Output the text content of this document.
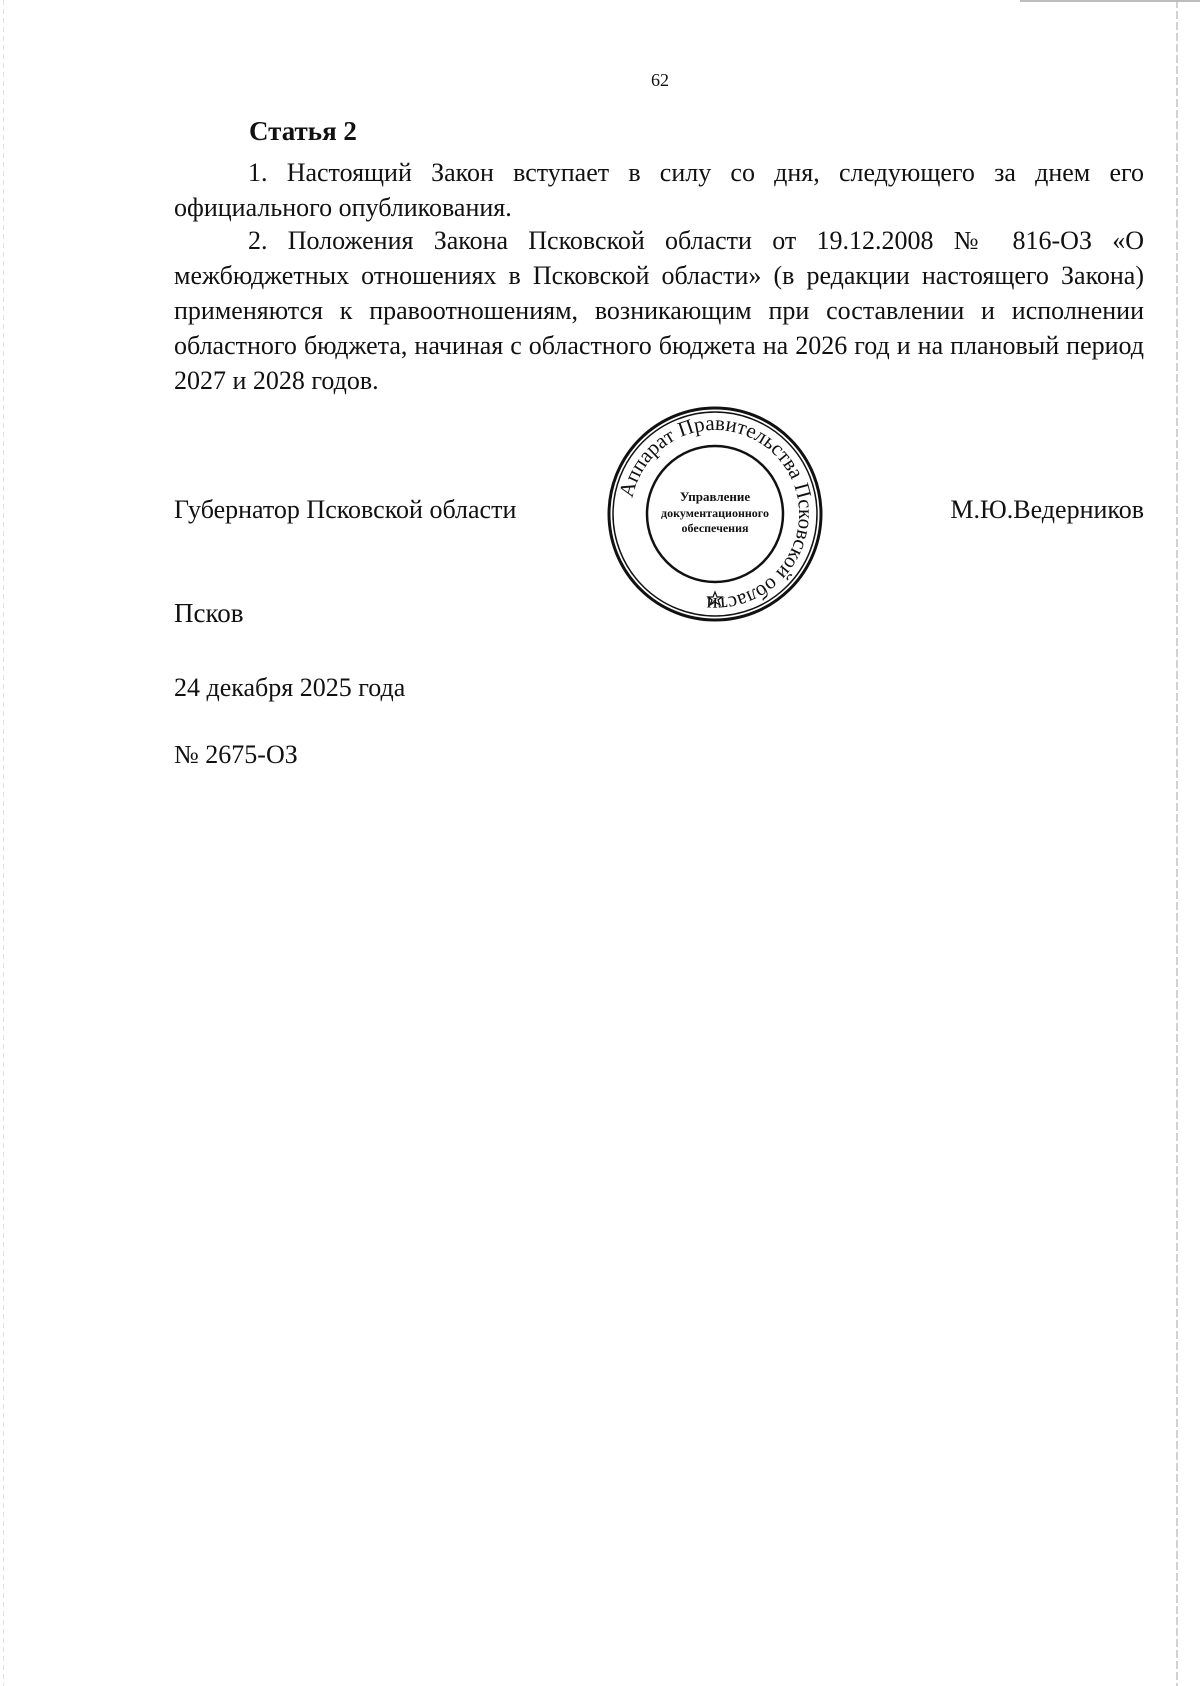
62
Статья 2

1. Настоящий Закон вступает в силу со дня, следующего за днем его официального опубликования.

2. Положения Закона Псковской области от 19.12.2008 № 816-ОЗ «О межбюджетных отношениях в Псковской области» (в редакции настоящего Закона) применяются к правоотношениям, возникающим при составлении и исполнении областного бюджета, начиная с областного бюджета на 2026 год и на плановый период 2027 и 2028 годов.

Губернатор Псковской области	М.Ю.Ведерников
Аппарат Правительства Псковской области
Управление
документационного
обеспечения
Псков
24 декабря 2025 года
№ 2675-ОЗ
